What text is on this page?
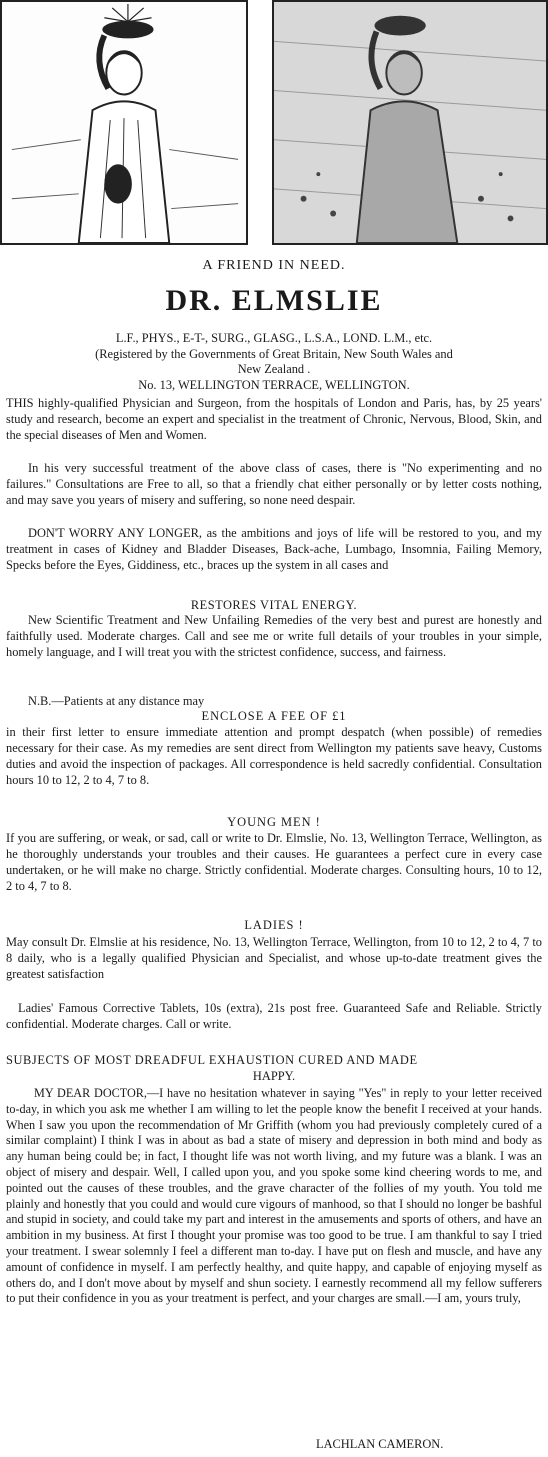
A FRIEND IN NEED.

DR. ELMSLIE

L.F., PHYS., E-T-, SURG., GLASG., L.S.A., LOND. L.M., etc.

(Registered by the Governments of Great Britain, New South Wales and

New Zealand .

No. 13, WELLINGTON TERRACE, WELLINGTON.

THIS highly-qualified Physician and Surgeon, from the hospitals of London and Paris, has, by 25 years' study and research, become an expert and specialist in the treatment of Chronic, Nervous, Blood, Skin, and the special diseases of Men and Women.

In his very successful treatment of the above class of cases, there is "No experimenting and no failures." Consultations are Free to all, so that a friendly chat either personally or by letter costs nothing, and may save you years of misery and suffering, so none need despair.

DON'T WORRY ANY LONGER, as the ambitions and joys of life will be restored to you, and my treatment in cases of Kidney and Bladder Diseases, Back-ache, Lumbago, Insomnia, Failing Memory, Specks before the Eyes, Giddiness, etc., braces up the system in all cases and

RESTORES VITAL ENERGY.

New Scientific Treatment and New Unfailing Remedies of the very best and purest are honestly and faithfully used. Moderate charges. Call and see me or write full details of your troubles in your simple, homely language, and I will treat you with the strictest confidence, success, and fairness.

N.B.—Patients at any distance may

ENCLOSE A FEE OF £1

in their first letter to ensure immediate attention and prompt despatch (when possible) of remedies necessary for their case. As my remedies are sent direct from Wellington my patients save heavy, Customs duties and avoid the inspection of packages. All correspondence is held sacredly confidential. Consultation hours 10 to 12, 2 to 4, 7 to 8.

YOUNG MEN !

If you are suffering, or weak, or sad, call or write to Dr. Elmslie, No. 13, Wellington Terrace, Wellington, as he thoroughly understands your troubles and their causes. He guarantees a perfect cure in every case undertaken, or he will make no charge. Strictly confidential. Moderate charges. Consulting hours, 10 to 12, 2 to 4, 7 to 8.

LADIES !

May consult Dr. Elmslie at his residence, No. 13, Wellington Terrace, Wellington, from 10 to 12, 2 to 4, 7 to 8 daily, who is a legally qualified Physician and Specialist, and whose up-to-date treatment gives the greatest satisfaction

Ladies' Famous Corrective Tablets, 10s (extra), 21s post free. Guaranteed Safe and Reliable. Strictly confidential. Moderate charges. Call or write.

SUBJECTS OF MOST DREADFUL EXHAUSTION CURED AND MADE

HAPPY.

MY DEAR DOCTOR,—I have no hesitation whatever in saying "Yes" in reply to your letter received to-day, in which you ask me whether I am willing to let the people know the benefit I received at your hands. When I saw you upon the recommendation of Mr Griffith (whom you had previously completely cured of a similar complaint) I think I was in about as bad a state of misery and depression in both mind and body as any human being could be; in fact, I thought life was not worth living, and my future was a blank. I was an object of misery and despair. Well, I called upon you, and you spoke some kind cheering words to me, and pointed out the causes of these troubles, and the grave character of the follies of my youth. You told me plainly and honestly that you could and would cure vigours of manhood, so that I should no longer be bashful and stupid in society, and could take my part and interest in the amusements and sports of others, and have an ambition in my business. At first I thought your promise was too good to be true. I am thankful to say I tried your treatment. I swear solemnly I feel a different man to-day. I have put on flesh and muscle, and have any amount of confidence in myself. I am perfectly healthy, and quite happy, and capable of enjoying myself as others do, and I don't move about by myself and shun society. I earnestly recommend all my fellow sufferers to put their confidence in you as your treatment is perfect, and your charges are small.—I am, yours truly,

LACHLAN CAMERON.
